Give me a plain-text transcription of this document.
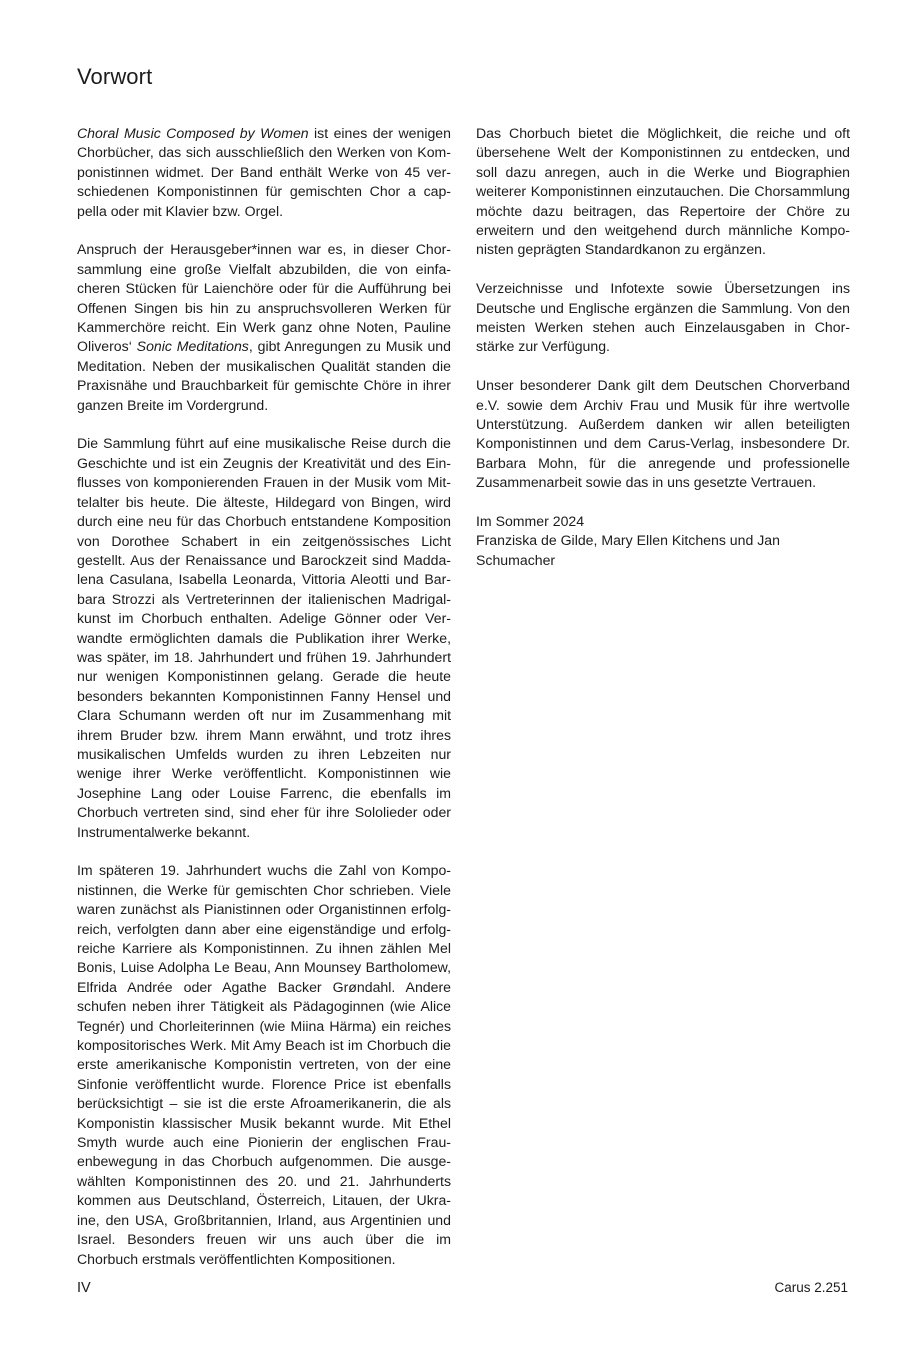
Vorwort

Choral Music Composed by Women ist eines der wenigen Chorbücher, das sich ausschließlich den Werken von Komponistinnen widmet. Der Band enthält Werke von 45 verschiedenen Komponistinnen für gemischten Chor a cappella oder mit Klavier bzw. Orgel.

Anspruch der Herausgeber*innen war es, in dieser Chorsammlung eine große Vielfalt abzubilden, die von einfacheren Stücken für Laienchöre oder für die Aufführung bei Offenen Singen bis hin zu anspruchsvolleren Werken für Kammerchöre reicht. Ein Werk ganz ohne Noten, Pauline Oliveros‘ Sonic Meditations, gibt Anregungen zu Musik und Meditation. Neben der musikalischen Qualität standen die Praxisnähe und Brauchbarkeit für gemischte Chöre in ihrer ganzen Breite im Vordergrund.

Die Sammlung führt auf eine musikalische Reise durch die Geschichte und ist ein Zeugnis der Kreativität und des Einflusses von komponierenden Frauen in der Musik vom Mittelalter bis heute. Die älteste, Hildegard von Bingen, wird durch eine neu für das Chorbuch entstandene Komposition von Dorothee Schabert in ein zeitgenössisches Licht gestellt. Aus der Renaissance und Barockzeit sind Maddalena Casulana, Isabella Leonarda, Vittoria Aleotti und Barbara Strozzi als Vertreterinnen der italienischen Madrigalkunst im Chorbuch enthalten. Adelige Gönner oder Verwandte ermöglichten damals die Publikation ihrer Werke, was später, im 18. Jahrhundert und frühen 19. Jahrhundert nur wenigen Komponistinnen gelang. Gerade die heute besonders bekannten Komponistinnen Fanny Hensel und Clara Schumann werden oft nur im Zusammenhang mit ihrem Bruder bzw. ihrem Mann erwähnt, und trotz ihres musikalischen Umfelds wurden zu ihren Lebzeiten nur wenige ihrer Werke veröffentlicht. Komponistinnen wie Josephine Lang oder Louise Farrenc, die ebenfalls im Chorbuch vertreten sind, sind eher für ihre Sololieder oder Instrumentalwerke bekannt.

Im späteren 19. Jahrhundert wuchs die Zahl von Komponistinnen, die Werke für gemischten Chor schrieben. Viele waren zunächst als Pianistinnen oder Organistinnen erfolgreich, verfolgten dann aber eine eigenständige und erfolgreiche Karriere als Komponistinnen. Zu ihnen zählen Mel Bonis, Luise Adolpha Le Beau, Ann Mounsey Bartholomew, Elfrida Andrée oder Agathe Backer Grøndahl. Andere schufen neben ihrer Tätigkeit als Pädagoginnen (wie Alice Tegnér) und Chorleiterinnen (wie Miina Härma) ein reiches kompositorisches Werk. Mit Amy Beach ist im Chorbuch die erste amerikanische Komponistin vertreten, von der eine Sinfonie veröffentlicht wurde. Florence Price ist ebenfalls berücksichtigt – sie ist die erste Afroamerikanerin, die als Komponistin klassischer Musik bekannt wurde. Mit Ethel Smyth wurde auch eine Pionierin der englischen Frauenbewegung in das Chorbuch aufgenommen. Die ausgewählten Komponistinnen des 20. und 21. Jahrhunderts kommen aus Deutschland, Österreich, Litauen, der Ukraine, den USA, Großbritannien, Irland, aus Argentinien und Israel. Besonders freuen wir uns auch über die im Chorbuch erstmals veröffentlichten Kompositionen.

Das Chorbuch bietet die Möglichkeit, die reiche und oft übersehene Welt der Komponistinnen zu entdecken, und soll dazu anregen, auch in die Werke und Biographien weiterer Komponistinnen einzutauchen. Die Chorsammlung möchte dazu beitragen, das Repertoire der Chöre zu erweitern und den weitgehend durch männliche Komponisten geprägten Standardkanon zu ergänzen.

Verzeichnisse und Infotexte sowie Übersetzungen ins Deutsche und Englische ergänzen die Sammlung. Von den meisten Werken stehen auch Einzelausgaben in Chorstärke zur Verfügung.

Unser besonderer Dank gilt dem Deutschen Chorverband e.V. sowie dem Archiv Frau und Musik für ihre wertvolle Unterstützung. Außerdem danken wir allen beteiligten Komponistinnen und dem Carus-Verlag, insbesondere Dr. Barbara Mohn, für die anregende und professionelle Zusammenarbeit sowie das in uns gesetzte Vertrauen.

Im Sommer 2024

Franziska de Gilde, Mary Ellen Kitchens und Jan Schumacher

IV	Carus 2.251
